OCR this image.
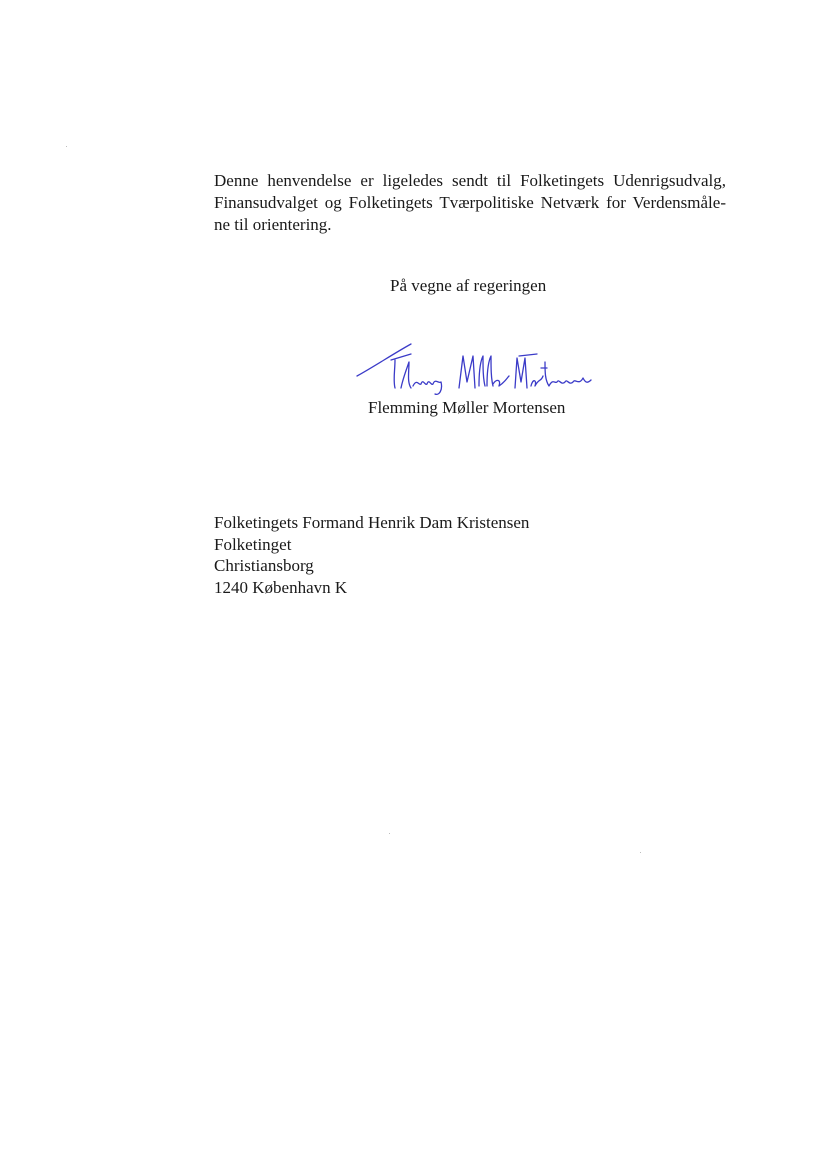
Denne henvendelse er ligeledes sendt til Folketingets Udenrigsudvalg,
Finansudvalget og Folketingets Tværpolitiske Netværk for Verdensmåle-
ne til orientering.

På vegne af regeringen

Flemming Møller Mortensen

Folketingets Formand Henrik Dam Kristensen
Folketinget
Christiansborg
1240 København K
